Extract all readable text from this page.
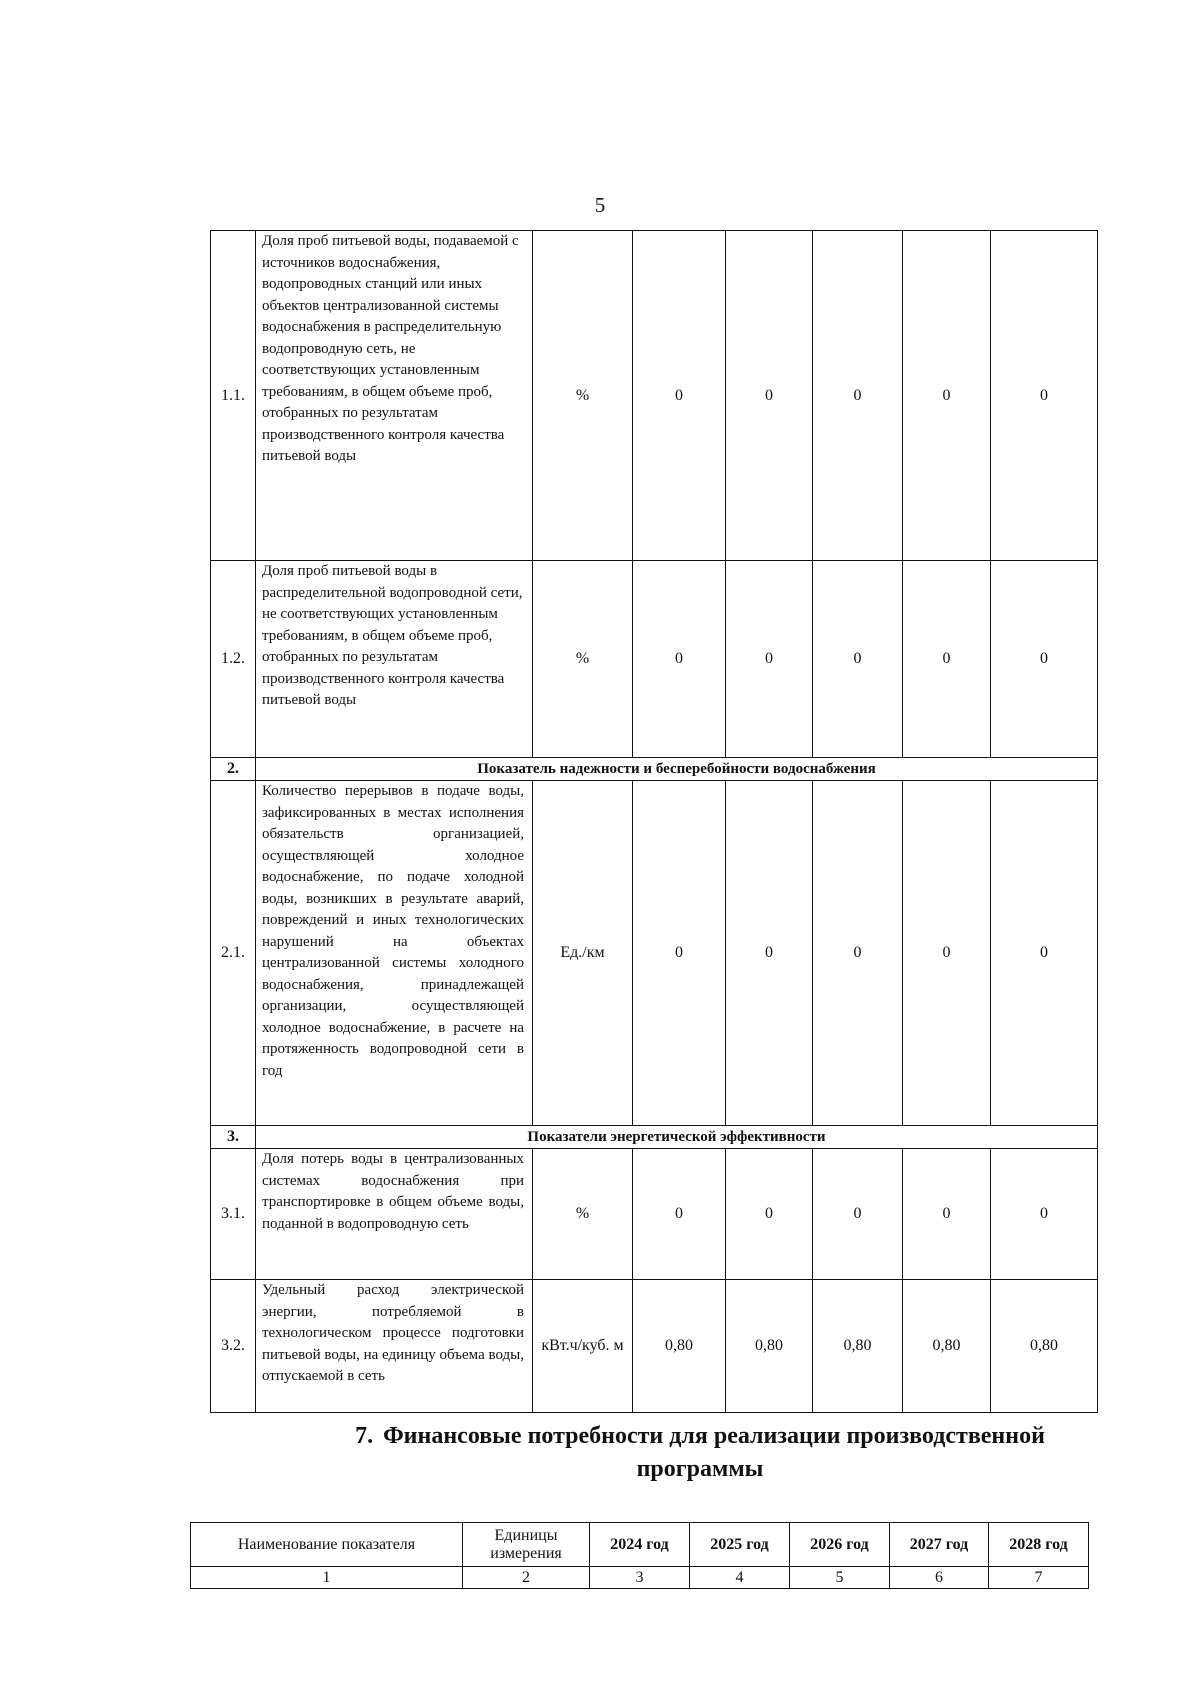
5
1.1.	Доля проб питьевой воды, подаваемой с источников водоснабжения, водопроводных станций или иных объектов централизованной системы водоснабжения в распределительную водопроводную сеть, не соответствующих установленным требованиям, в общем объеме проб, отобранных по результатам производственного контроля качества питьевой воды	%	0	0	0	0	0
1.2.	Доля проб питьевой воды в распределительной водопроводной сети, не соответствующих установленным требованиям, в общем объеме проб, отобранных по результатам производственного контроля качества питьевой воды	%	0	0	0	0	0
2.	Показатель надежности и бесперебойности водоснабжения						
2.1.	Количество перерывов в подаче воды, зафиксированных в местах исполнения обязательств организацией, осуществляющей холодное водоснабжение, по подаче холодной воды, возникших в результате аварий, повреждений и иных технологических нарушений на объектах централизованной системы холодного водоснабжения, принадлежащей организации, осуществляющей холодное водоснабжение, в расчете на протяженность водопроводной сети в год	Ед./км	0	0	0	0	0
3.	Показатели энергетической эффективности						
3.1.	Доля потерь воды в централизованных системах водоснабжения при транспортировке в общем объеме воды, поданной в водопроводную сеть	%	0	0	0	0	0
3.2.	Удельный расход электрической энергии, потребляемой в технологическом процессе подготовки питьевой воды, на единицу объема воды, отпускаемой в сеть	кВт.ч/куб. м	0,80	0,80	0,80	0,80	0,80
7. Финансовые потребности для реализации производственной программы
Наименование показателя	Единицы измерения	2024 год	2025 год	2026 год	2027 год	2028 год
1	2	3	4	5	6	7
